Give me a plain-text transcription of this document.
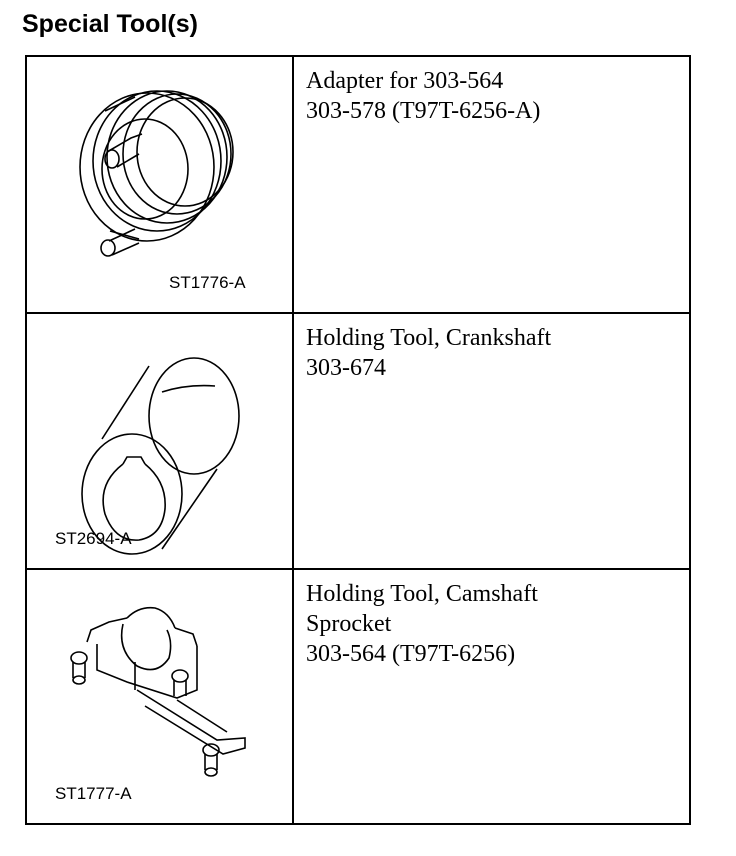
Special Tool(s)
ST1776-A
Adapter for 303-564
303-578 (T97T-6256-A)
ST2694-A
Holding Tool, Crankshaft
303-674
ST1777-A
Holding Tool, Camshaft
Sprocket
303-564 (T97T-6256)
